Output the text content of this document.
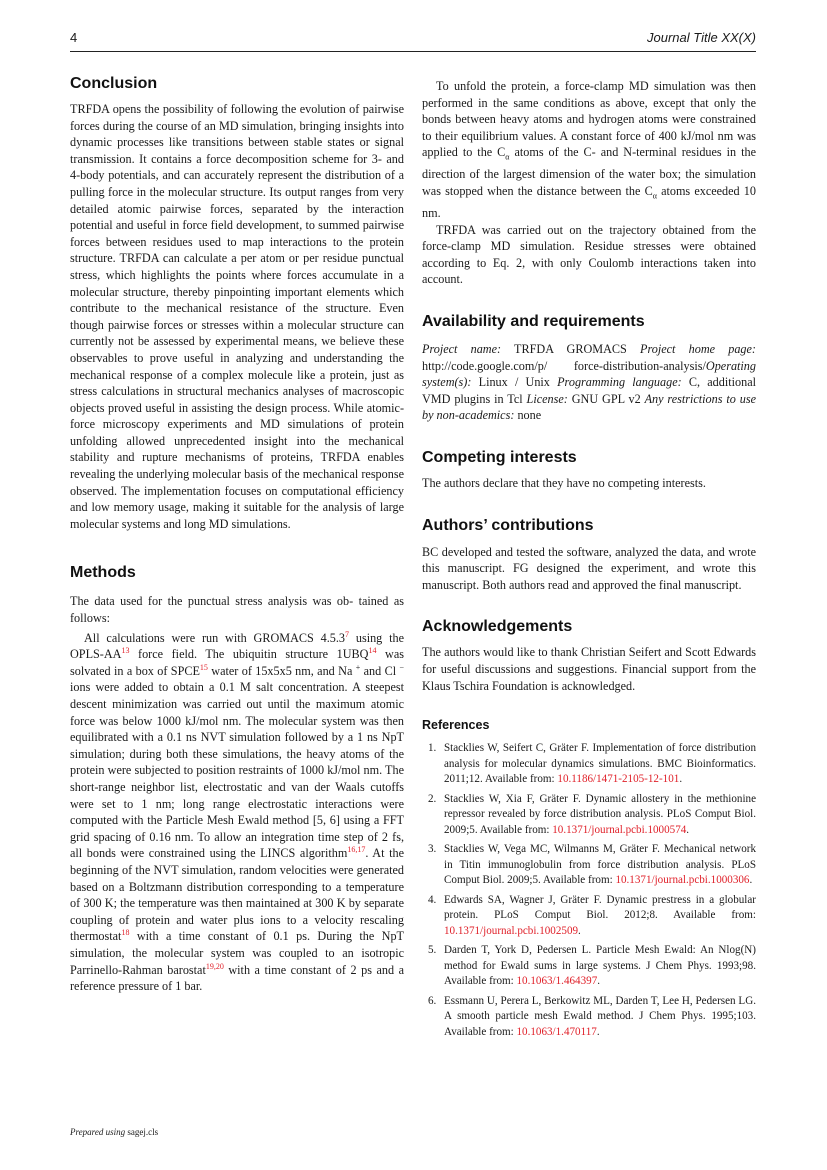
4	Journal Title XX(X)
Conclusion

TRFDA opens the possibility of following the evolution of pairwise forces during the course of an MD simulation, bringing insights into dynamic processes like transitions between stable states or signal transmission. It contains a force decomposition scheme for 3- and 4-body potentials, and can accurately represent the distribution of a pulling force in the molecular structure. Its output ranges from very detailed atomic pairwise forces, separated by the interaction potential and useful in force field development, to summed pairwise forces between residues used to map interactions to the protein structure. TRFDA can calculate a per atom or per residue punctual stress, which highlights the points where forces accumulate in a molecular structure, thereby pinpointing important elements which contribute to the mechanical resistance of the structure. Even though pairwise forces or stresses within a molecular structure can currently not be assessed by experimental means, we believe these observables to prove useful in analyzing and understanding the mechanical response of a complex molecule like a protein, just as stress calculations in structural mechanics analyses of macroscopic objects proved useful in assisting the design process. While atomic-force microscopy experiments and MD simulations of protein unfolding allowed unprecedented insight into the mechanical stability and rupture mechanisms of proteins, TRFDA enables revealing the underlying molecular basis of the mechanical response observed. The implementation focuses on computational efficiency and low memory usage, making it suitable for the analysis of large molecular systems and long MD simulations.

Methods

The data used for the punctual stress analysis was ob- tained as follows:

All calculations were run with GROMACS 4.5.3$^7$ using the OPLS-AA$^{13}$ force field. The ubiquitin structure 1UBQ$^{14}$ was solvated in a box of SPCE$^{15}$ water of 15x5x5 nm, and Na + and Cl − ions were added to obtain a 0.1 M salt concentration. A steepest descent minimization was carried out until the maximum atomic force was below 1000 kJ/mol nm. The molecular system was then equilibrated with a 0.1 ns NVT simulation followed by a 1 ns NpT simulation; during both these simulations, the heavy atoms of the protein were subjected to position restraints of 1000 kJ/mol nm. The short-range neighbor list, electrostatic and van der Waals cutoffs were set to 1 nm; long range electrostatic interactions were computed with the Particle Mesh Ewald method [5, 6] using a FFT grid spacing of 0.16 nm. To allow an integration time step of 2 fs, all bonds were constrained using the LINCS algorithm$^{16,17}$. At the beginning of the NVT simulation, random velocities were generated based on a Boltzmann distribution corresponding to a temperature of 300 K; the temperature was then maintained at 300 K by separate coupling of protein and water plus ions to a velocity rescaling thermostat$^{18}$ with a time constant of 0.1 ps. During the NpT simulation, the molecular system was coupled to an isotropic Parrinello-Rahman barostat$^{19,20}$ with a time constant of 2 ps and a reference pressure of 1 bar.

To unfold the protein, a force-clamp MD simulation was then performed in the same conditions as above, except that only the bonds between heavy atoms and hydrogen atoms were constrained to their equilibrium values. A constant force of 400 kJ/mol nm was applied to the $C_\alpha$ atoms of the C- and N-terminal residues in the direction of the largest dimension of the water box; the simulation was stopped when the distance between the $C_\alpha$ atoms exceeded 10 nm.

TRFDA was carried out on the trajectory obtained from the force-clamp MD simulation. Residue stresses were obtained according to Eq. 2, with only Coulomb interactions taken into account.

Availability and requirements

Project name: TRFDA GROMACS Project home page: http://code.google.com/p/ force-distribution-analysis/Operating system(s): Linux / Unix Programming language: C, additional VMD plugins in Tcl License: GNU GPL v2 Any restrictions to use by non-academics: none

Competing interests

The authors declare that they have no competing interests.

Authors’ contributions

BC developed and tested the software, analyzed the data, and wrote this manuscript. FG designed the experiment, and wrote this manuscript. Both authors read and approved the final manuscript.

Acknowledgements

The authors would like to thank Christian Seifert and Scott Edwards for useful discussions and suggestions. Financial support from the Klaus Tschira Foundation is acknowledged.

References
1. Stacklies W, Seifert C, Gräter F. Implementation of force distribution analysis for molecular dynamics simulations. BMC Bioinformatics. 2011;12. Available from: 10.1186/1471-2105-12-101.
2. Stacklies W, Xia F, Gräter F. Dynamic allostery in the methionine repressor revealed by force distribution analysis. PLoS Comput Biol. 2009;5. Available from: 10.1371/journal.pcbi.1000574.
3. Stacklies W, Vega MC, Wilmanns M, Gräter F. Mechanical network in Titin immunoglobulin from force distribution analysis. PLoS Comput Biol. 2009;5. Available from: 10.1371/journal.pcbi.1000306.
4. Edwards SA, Wagner J, Gräter F. Dynamic prestress in a globular protein. PLoS Comput Biol. 2012;8. Available from: 10.1371/journal.pcbi.1002509.
5. Darden T, York D, Pedersen L. Particle Mesh Ewald: An Nlog(N) method for Ewald sums in large systems. J Chem Phys. 1993;98. Available from: 10.1063/1.464397.
6. Essmann U, Perera L, Berkowitz ML, Darden T, Lee H, Pedersen LG. A smooth particle mesh Ewald method. J Chem Phys. 1995;103. Available from: 10.1063/1.470117.
Prepared using sagej.cls
